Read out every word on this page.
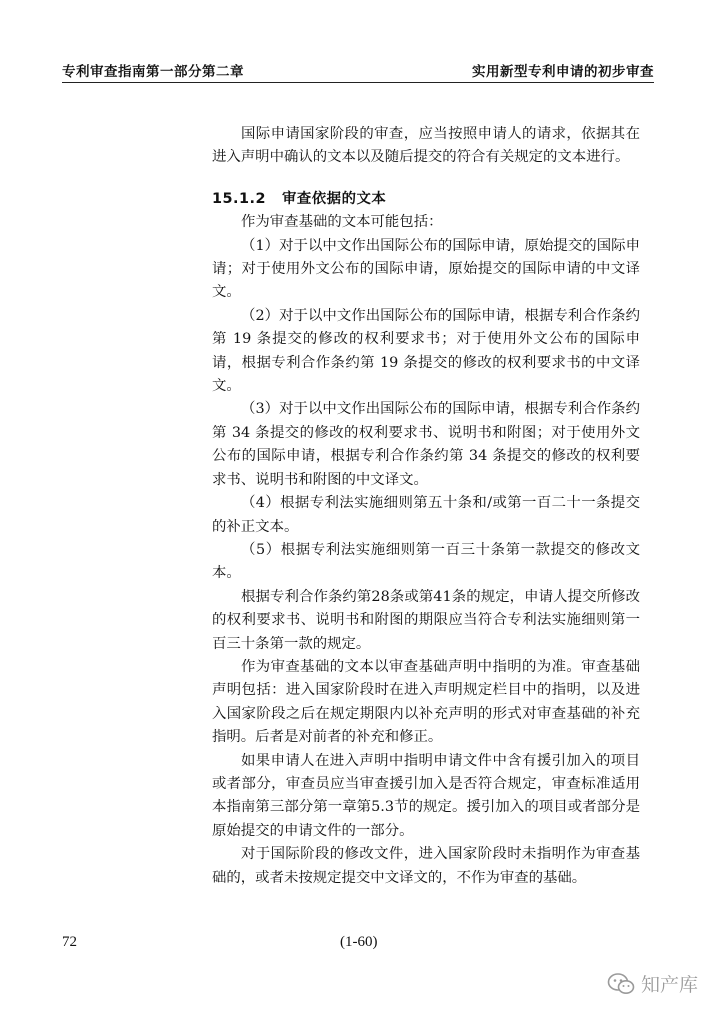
专利审查指南第一部分第二章	实用新型专利申请的初步审查

国际申请国家阶段的审查，应当按照申请人的请求，依据其在进入声明中确认的文本以及随后提交的符合有关规定的文本进行。

15.1.2 审查依据的文本

作为审查基础的文本可能包括：

（1）对于以中文作出国际公布的国际申请，原始提交的国际申请；对于使用外文公布的国际申请，原始提交的国际申请的中文译文。

（2）对于以中文作出国际公布的国际申请，根据专利合作条约第 19 条提交的修改的权利要求书；对于使用外文公布的国际申请，根据专利合作条约第 19 条提交的修改的权利要求书的中文译文。

（3）对于以中文作出国际公布的国际申请，根据专利合作条约第 34 条提交的修改的权利要求书、说明书和附图；对于使用外文公布的国际申请，根据专利合作条约第 34 条提交的修改的权利要求书、说明书和附图的中文译文。

（4）根据专利法实施细则第五十条和/或第一百二十一条提交的补正文本。

（5）根据专利法实施细则第一百三十条第一款提交的修改文本。

根据专利合作条约第28条或第41条的规定，申请人提交所修改的权利要求书、说明书和附图的期限应当符合专利法实施细则第一百三十条第一款的规定。

作为审查基础的文本以审查基础声明中指明的为准。审查基础声明包括：进入国家阶段时在进入声明规定栏目中的指明，以及进入国家阶段之后在规定期限内以补充声明的形式对审查基础的补充指明。后者是对前者的补充和修正。

如果申请人在进入声明中指明申请文件中含有援引加入的项目或者部分，审查员应当审查援引加入是否符合规定，审查标准适用本指南第三部分第一章第5.3节的规定。援引加入的项目或者部分是原始提交的申请文件的一部分。

对于国际阶段的修改文件，进入国家阶段时未指明作为审查基础的，或者未按规定提交中文译文的，不作为审查的基础。

72	(1-60)
知产库
